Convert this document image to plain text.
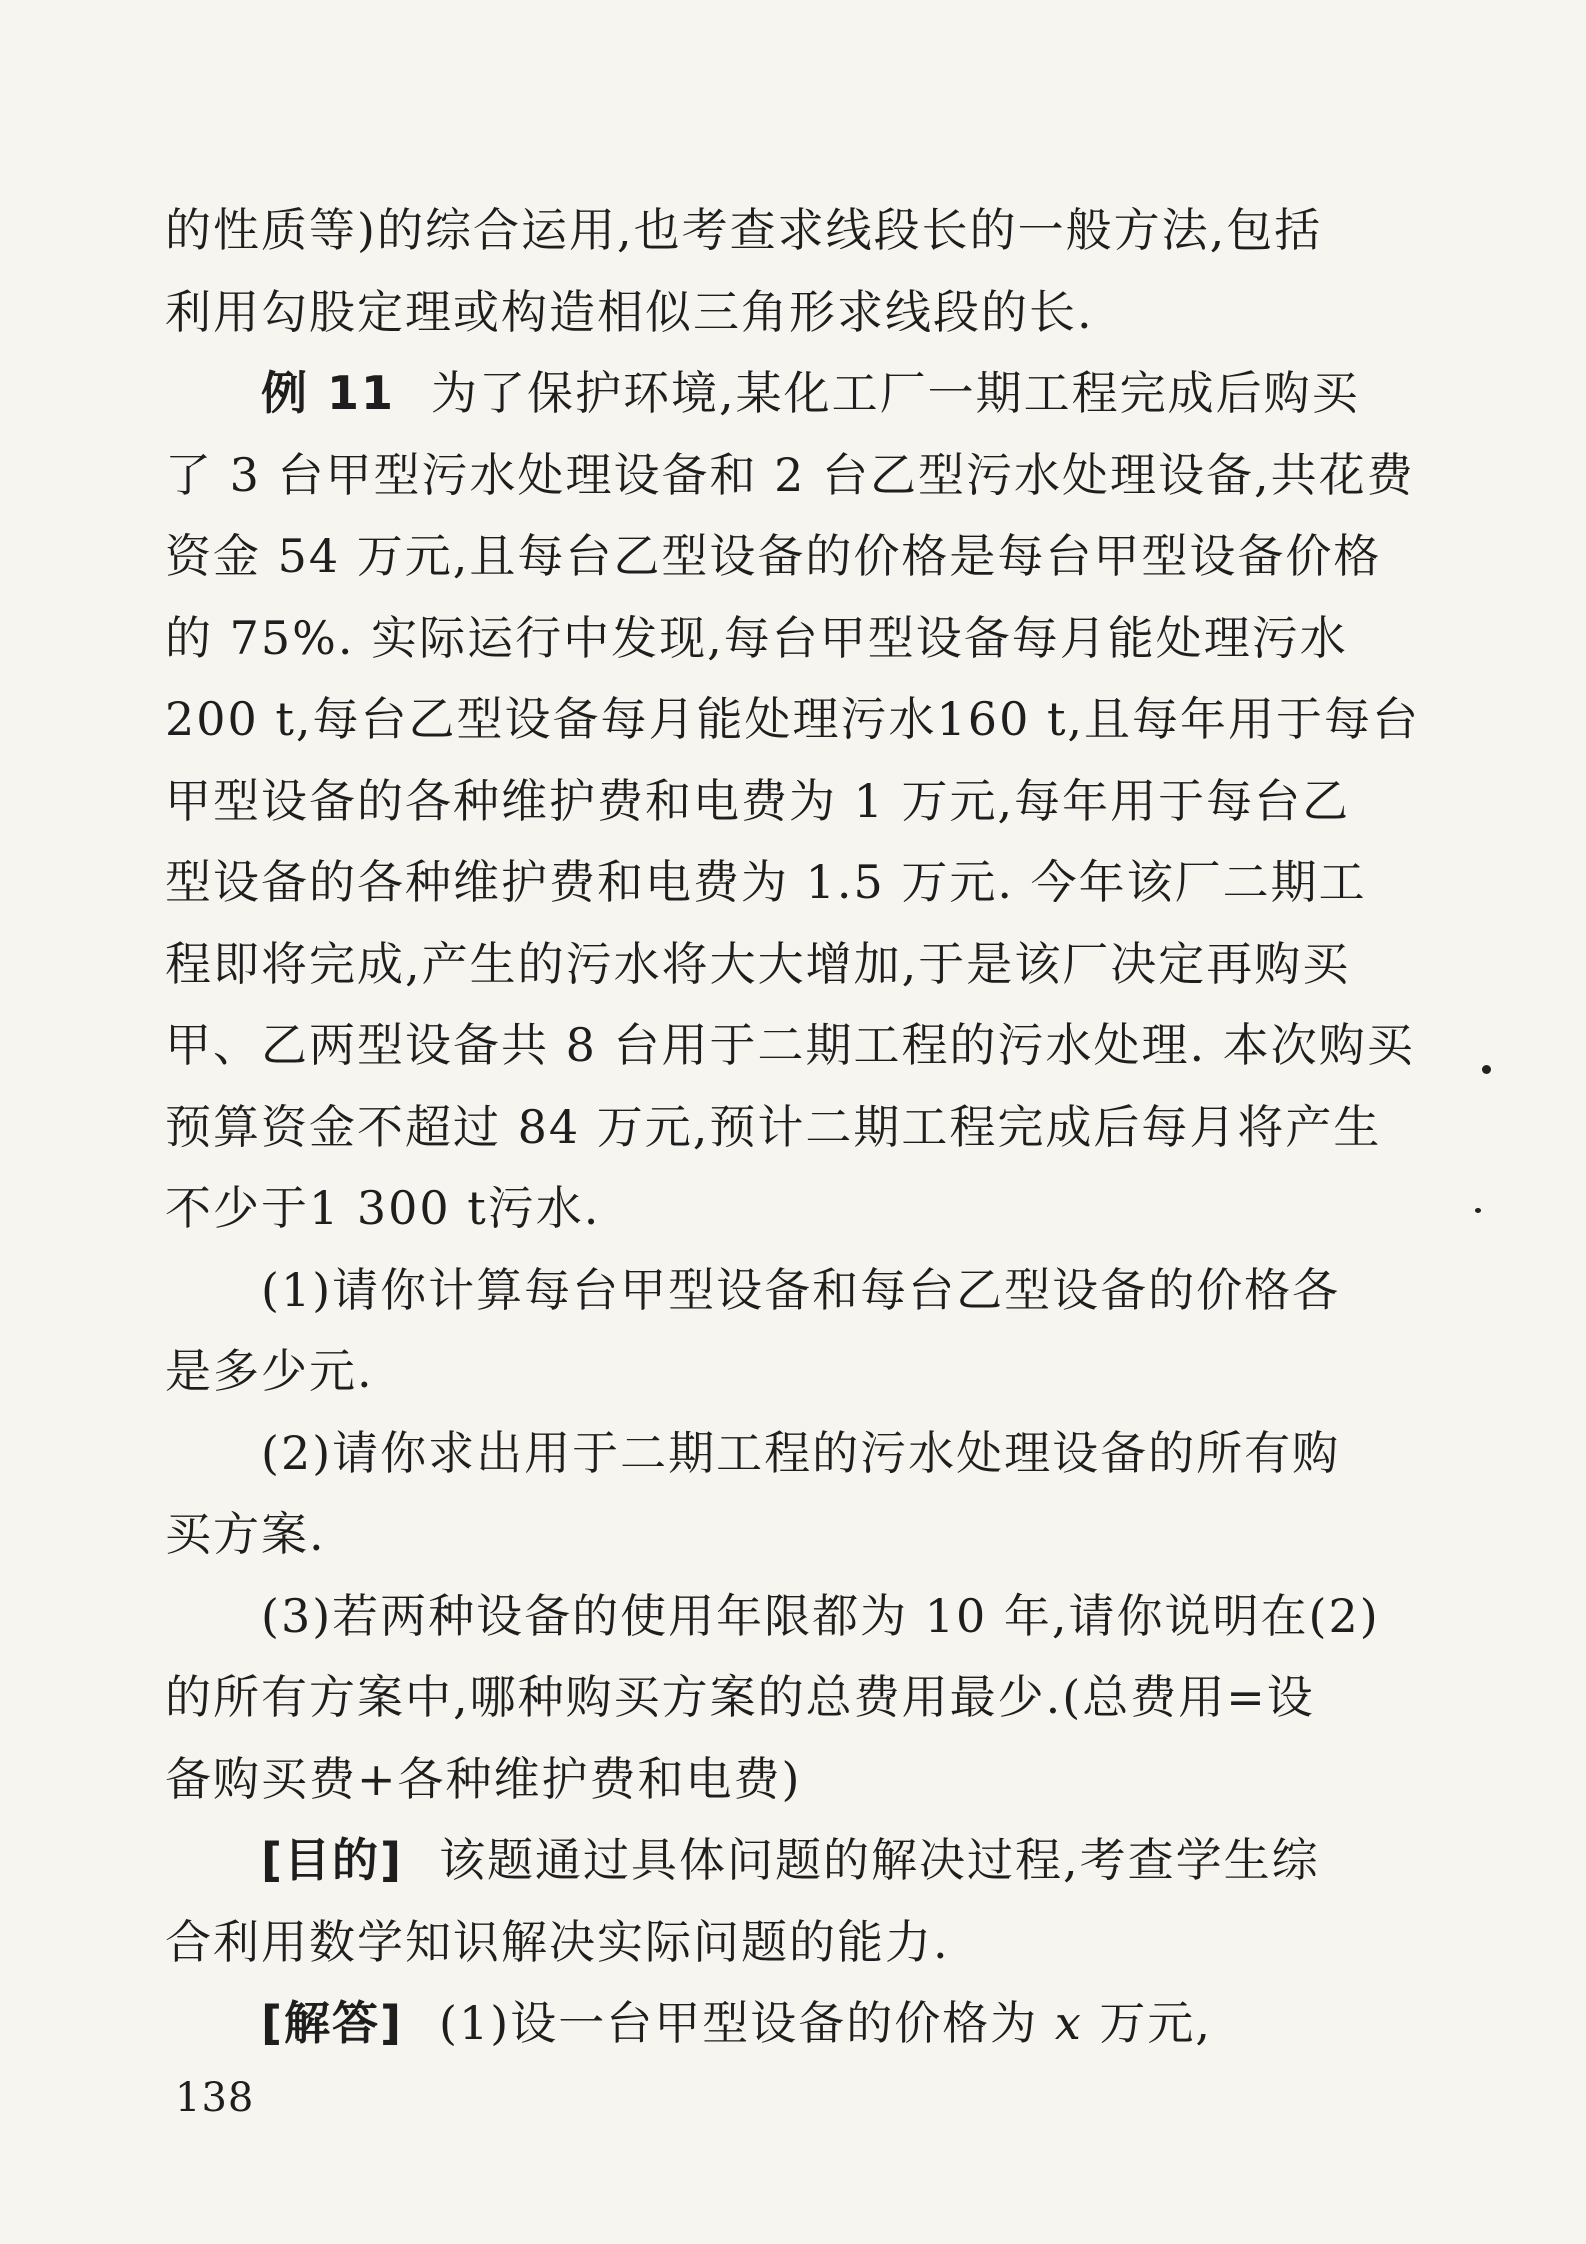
的性质等)的综合运用,也考查求线段长的一般方法,包括
利用勾股定理或构造相似三角形求线段的长.
例 11 为了保护环境,某化工厂一期工程完成后购买
了 3 台甲型污水处理设备和 2 台乙型污水处理设备,共花费
资金 54 万元,且每台乙型设备的价格是每台甲型设备价格
的 75%. 实际运行中发现,每台甲型设备每月能处理污水
200 t,每台乙型设备每月能处理污水160 t,且每年用于每台
甲型设备的各种维护费和电费为 1 万元,每年用于每台乙
型设备的各种维护费和电费为 1.5 万元. 今年该厂二期工
程即将完成,产生的污水将大大增加,于是该厂决定再购买
甲、乙两型设备共 8 台用于二期工程的污水处理. 本次购买
预算资金不超过 84 万元,预计二期工程完成后每月将产生
不少于1 300 t污水.
(1)请你计算每台甲型设备和每台乙型设备的价格各
是多少元.
(2)请你求出用于二期工程的污水处理设备的所有购
买方案.
(3)若两种设备的使用年限都为 10 年,请你说明在(2)
的所有方案中,哪种购买方案的总费用最少.(总费用=设
备购买费+各种维护费和电费)
[目的] 该题通过具体问题的解决过程,考查学生综
合利用数学知识解决实际问题的能力.
[解答] (1)设一台甲型设备的价格为 x 万元,
138
